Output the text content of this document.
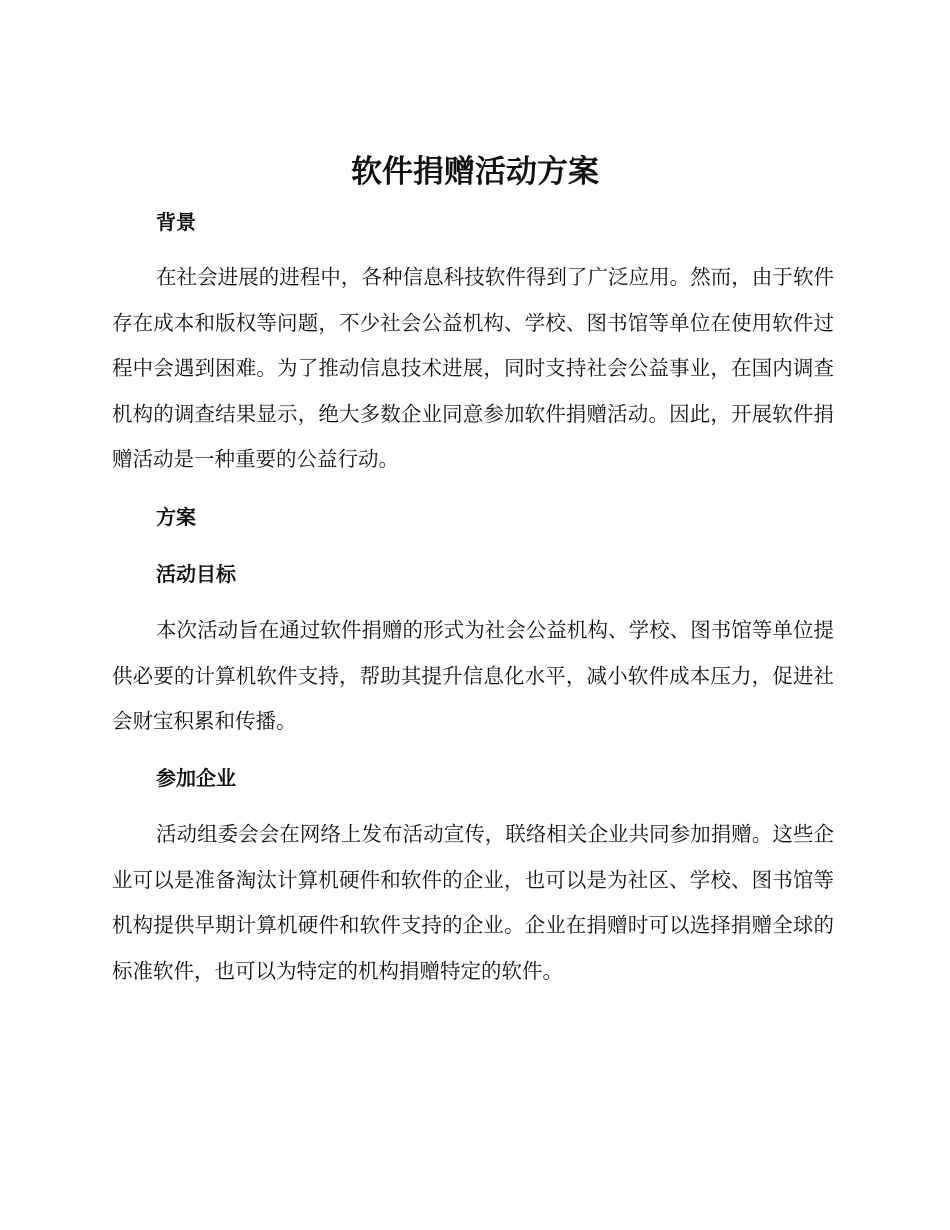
软件捐赠活动方案
背景

在社会进展的进程中，各种信息科技软件得到了广泛应用。然而，由于软件存在成本和版权等问题，不少社会公益机构、学校、图书馆等单位在使用软件过程中会遇到困难。为了推动信息技术进展，同时支持社会公益事业，在国内调查机构的调查结果显示，绝大多数企业同意参加软件捐赠活动。因此，开展软件捐赠活动是一种重要的公益行动。

方案
活动目标

本次活动旨在通过软件捐赠的形式为社会公益机构、学校、图书馆等单位提供必要的计算机软件支持，帮助其提升信息化水平，减小软件成本压力，促进社会财宝积累和传播。

参加企业

活动组委会会在网络上发布活动宣传，联络相关企业共同参加捐赠。这些企业可以是准备淘汰计算机硬件和软件的企业，也可以是为社区、学校、图书馆等机构提供早期计算机硬件和软件支持的企业。企业在捐赠时可以选择捐赠全球的标准软件，也可以为特定的机构捐赠特定的软件。
